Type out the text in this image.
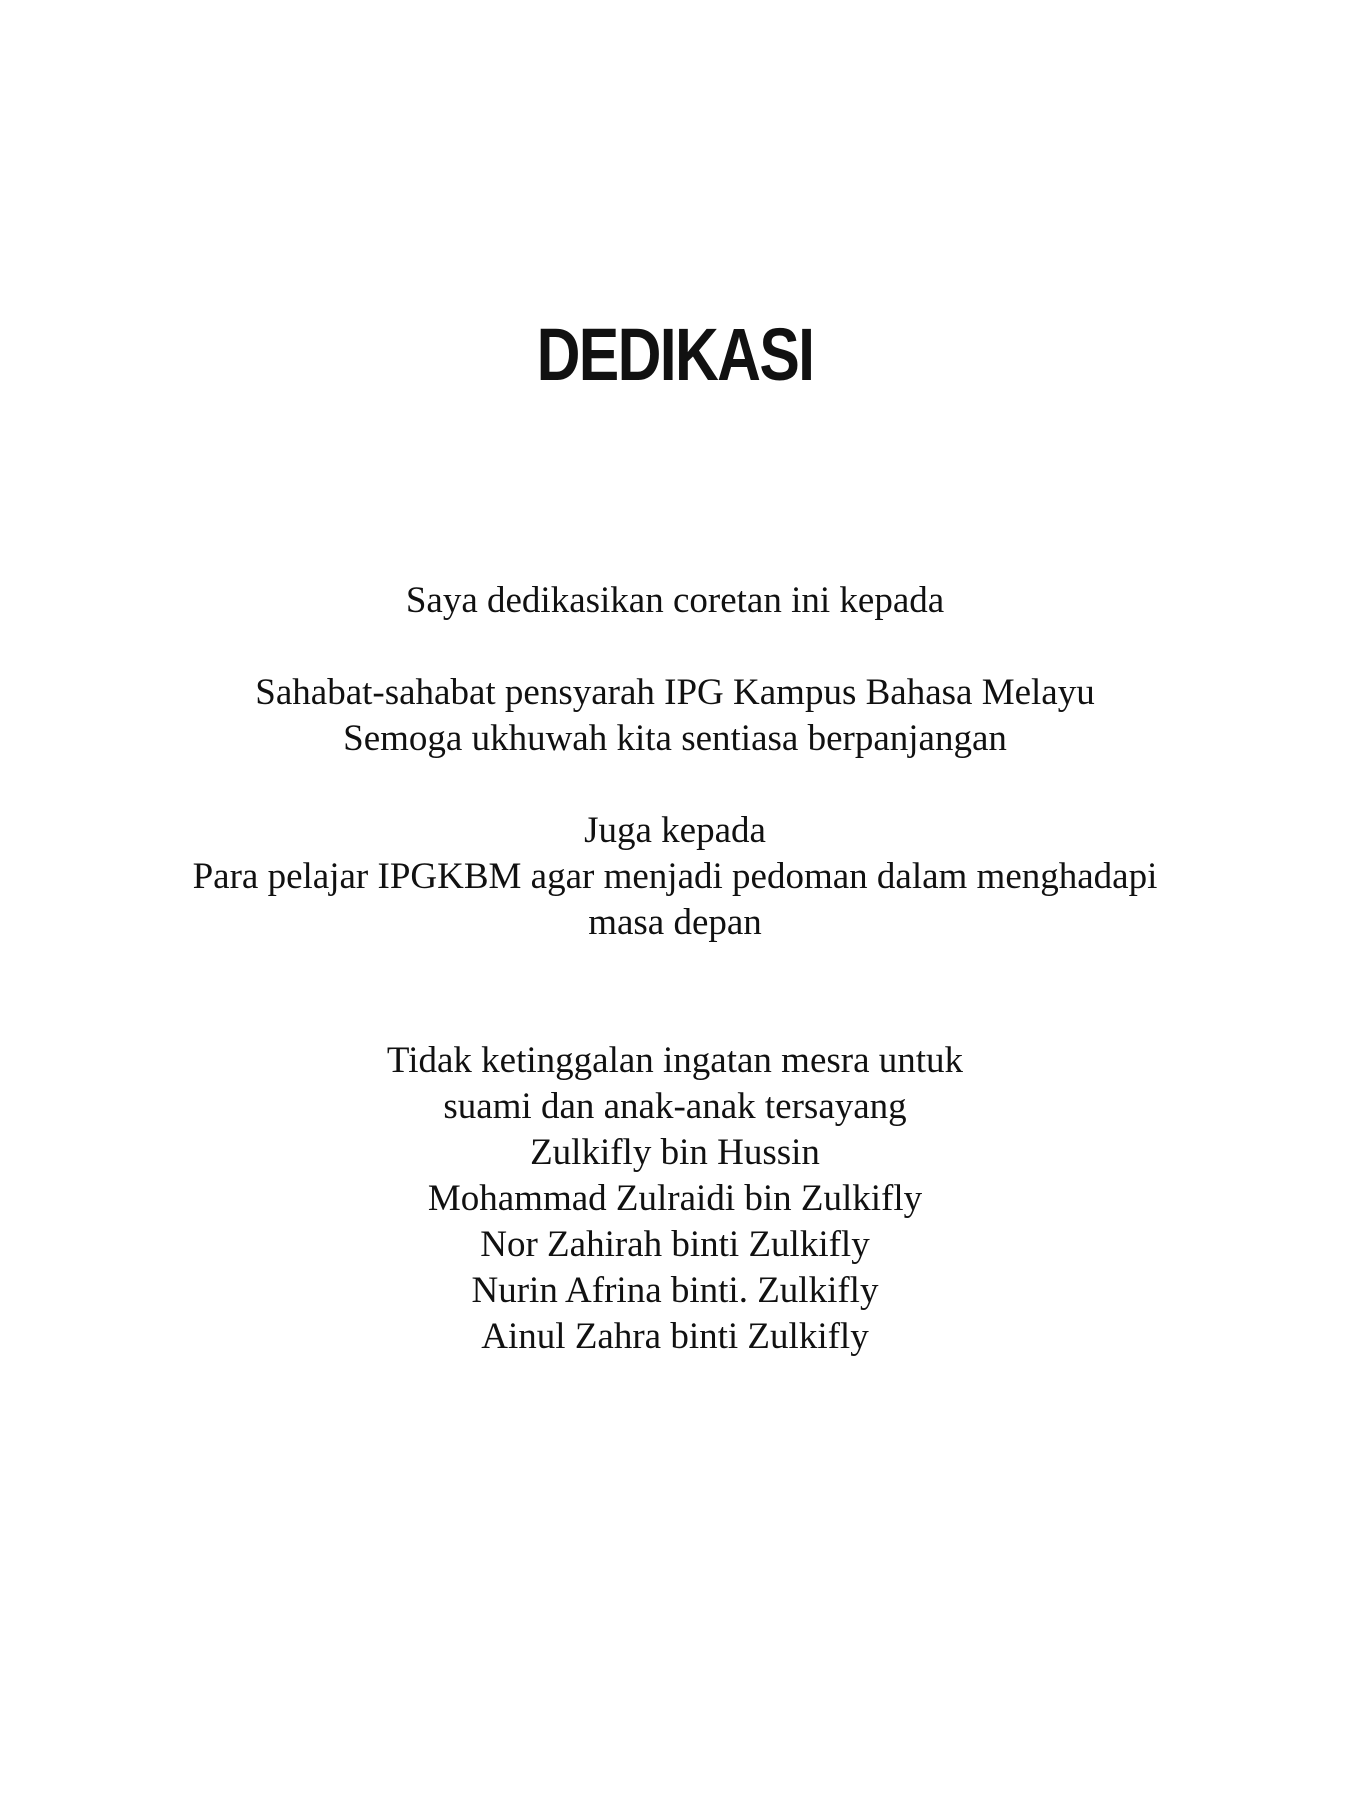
DEDIKASI
Saya dedikasikan coretan ini kepada
Sahabat-sahabat pensyarah IPG Kampus Bahasa Melayu
Semoga ukhuwah kita sentiasa berpanjangan
Juga kepada
Para pelajar IPGKBM agar menjadi pedoman dalam menghadapi
masa depan
Tidak ketinggalan ingatan mesra untuk
suami dan anak-anak tersayang
Zulkifly bin Hussin
Mohammad Zulraidi bin Zulkifly
Nor Zahirah binti Zulkifly
Nurin Afrina binti. Zulkifly
Ainul Zahra binti Zulkifly
